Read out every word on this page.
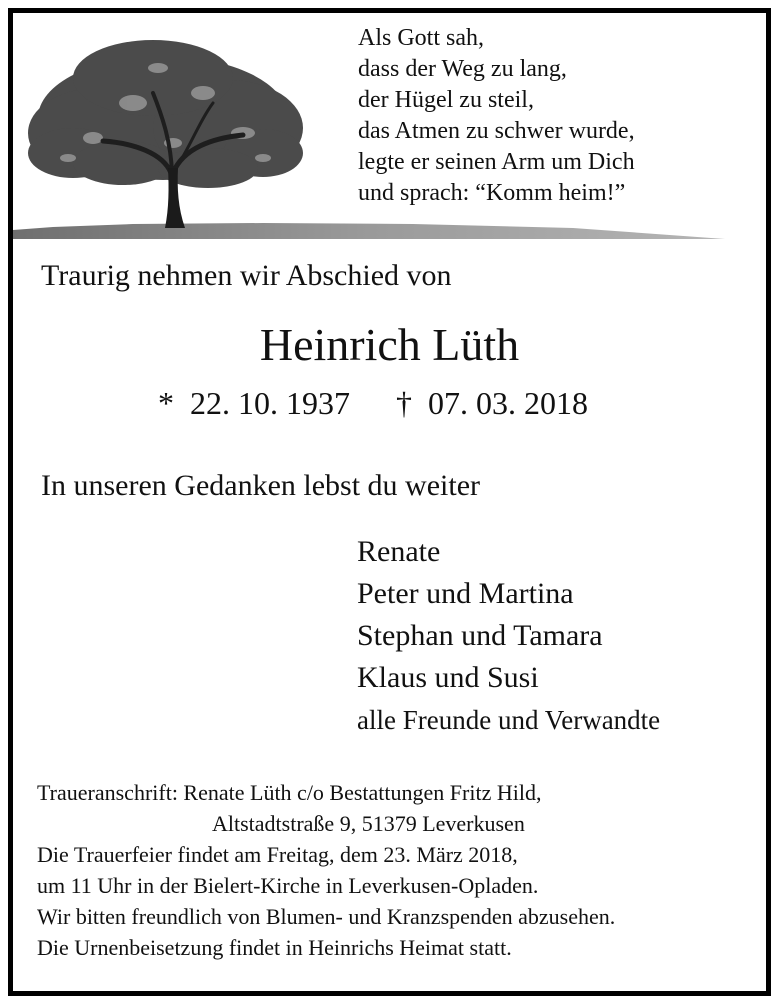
Als Gott sah,
dass der Weg zu lang,
der Hügel zu steil,
das Atmen zu schwer wurde,
legte er seinen Arm um Dich
und sprach: “Komm heim!”
Traurig nehmen wir Abschied von
Heinrich Lüth
* 22. 10. 1937 † 07. 03. 2018
In unseren Gedanken lebst du weiter
Renate
Peter und Martina
Stephan und Tamara
Klaus und Susi
alle Freunde und Verwandte
Traueranschrift: Renate Lüth c/o Bestattungen Fritz Hild,
Altstadtstraße 9, 51379 Leverkusen
Die Trauerfeier findet am Freitag, dem 23. März 2018,
um 11 Uhr in der Bielert-Kirche in Leverkusen-Opladen.
Wir bitten freundlich von Blumen- und Kranzspenden abzusehen.
Die Urnenbeisetzung findet in Heinrichs Heimat statt.
